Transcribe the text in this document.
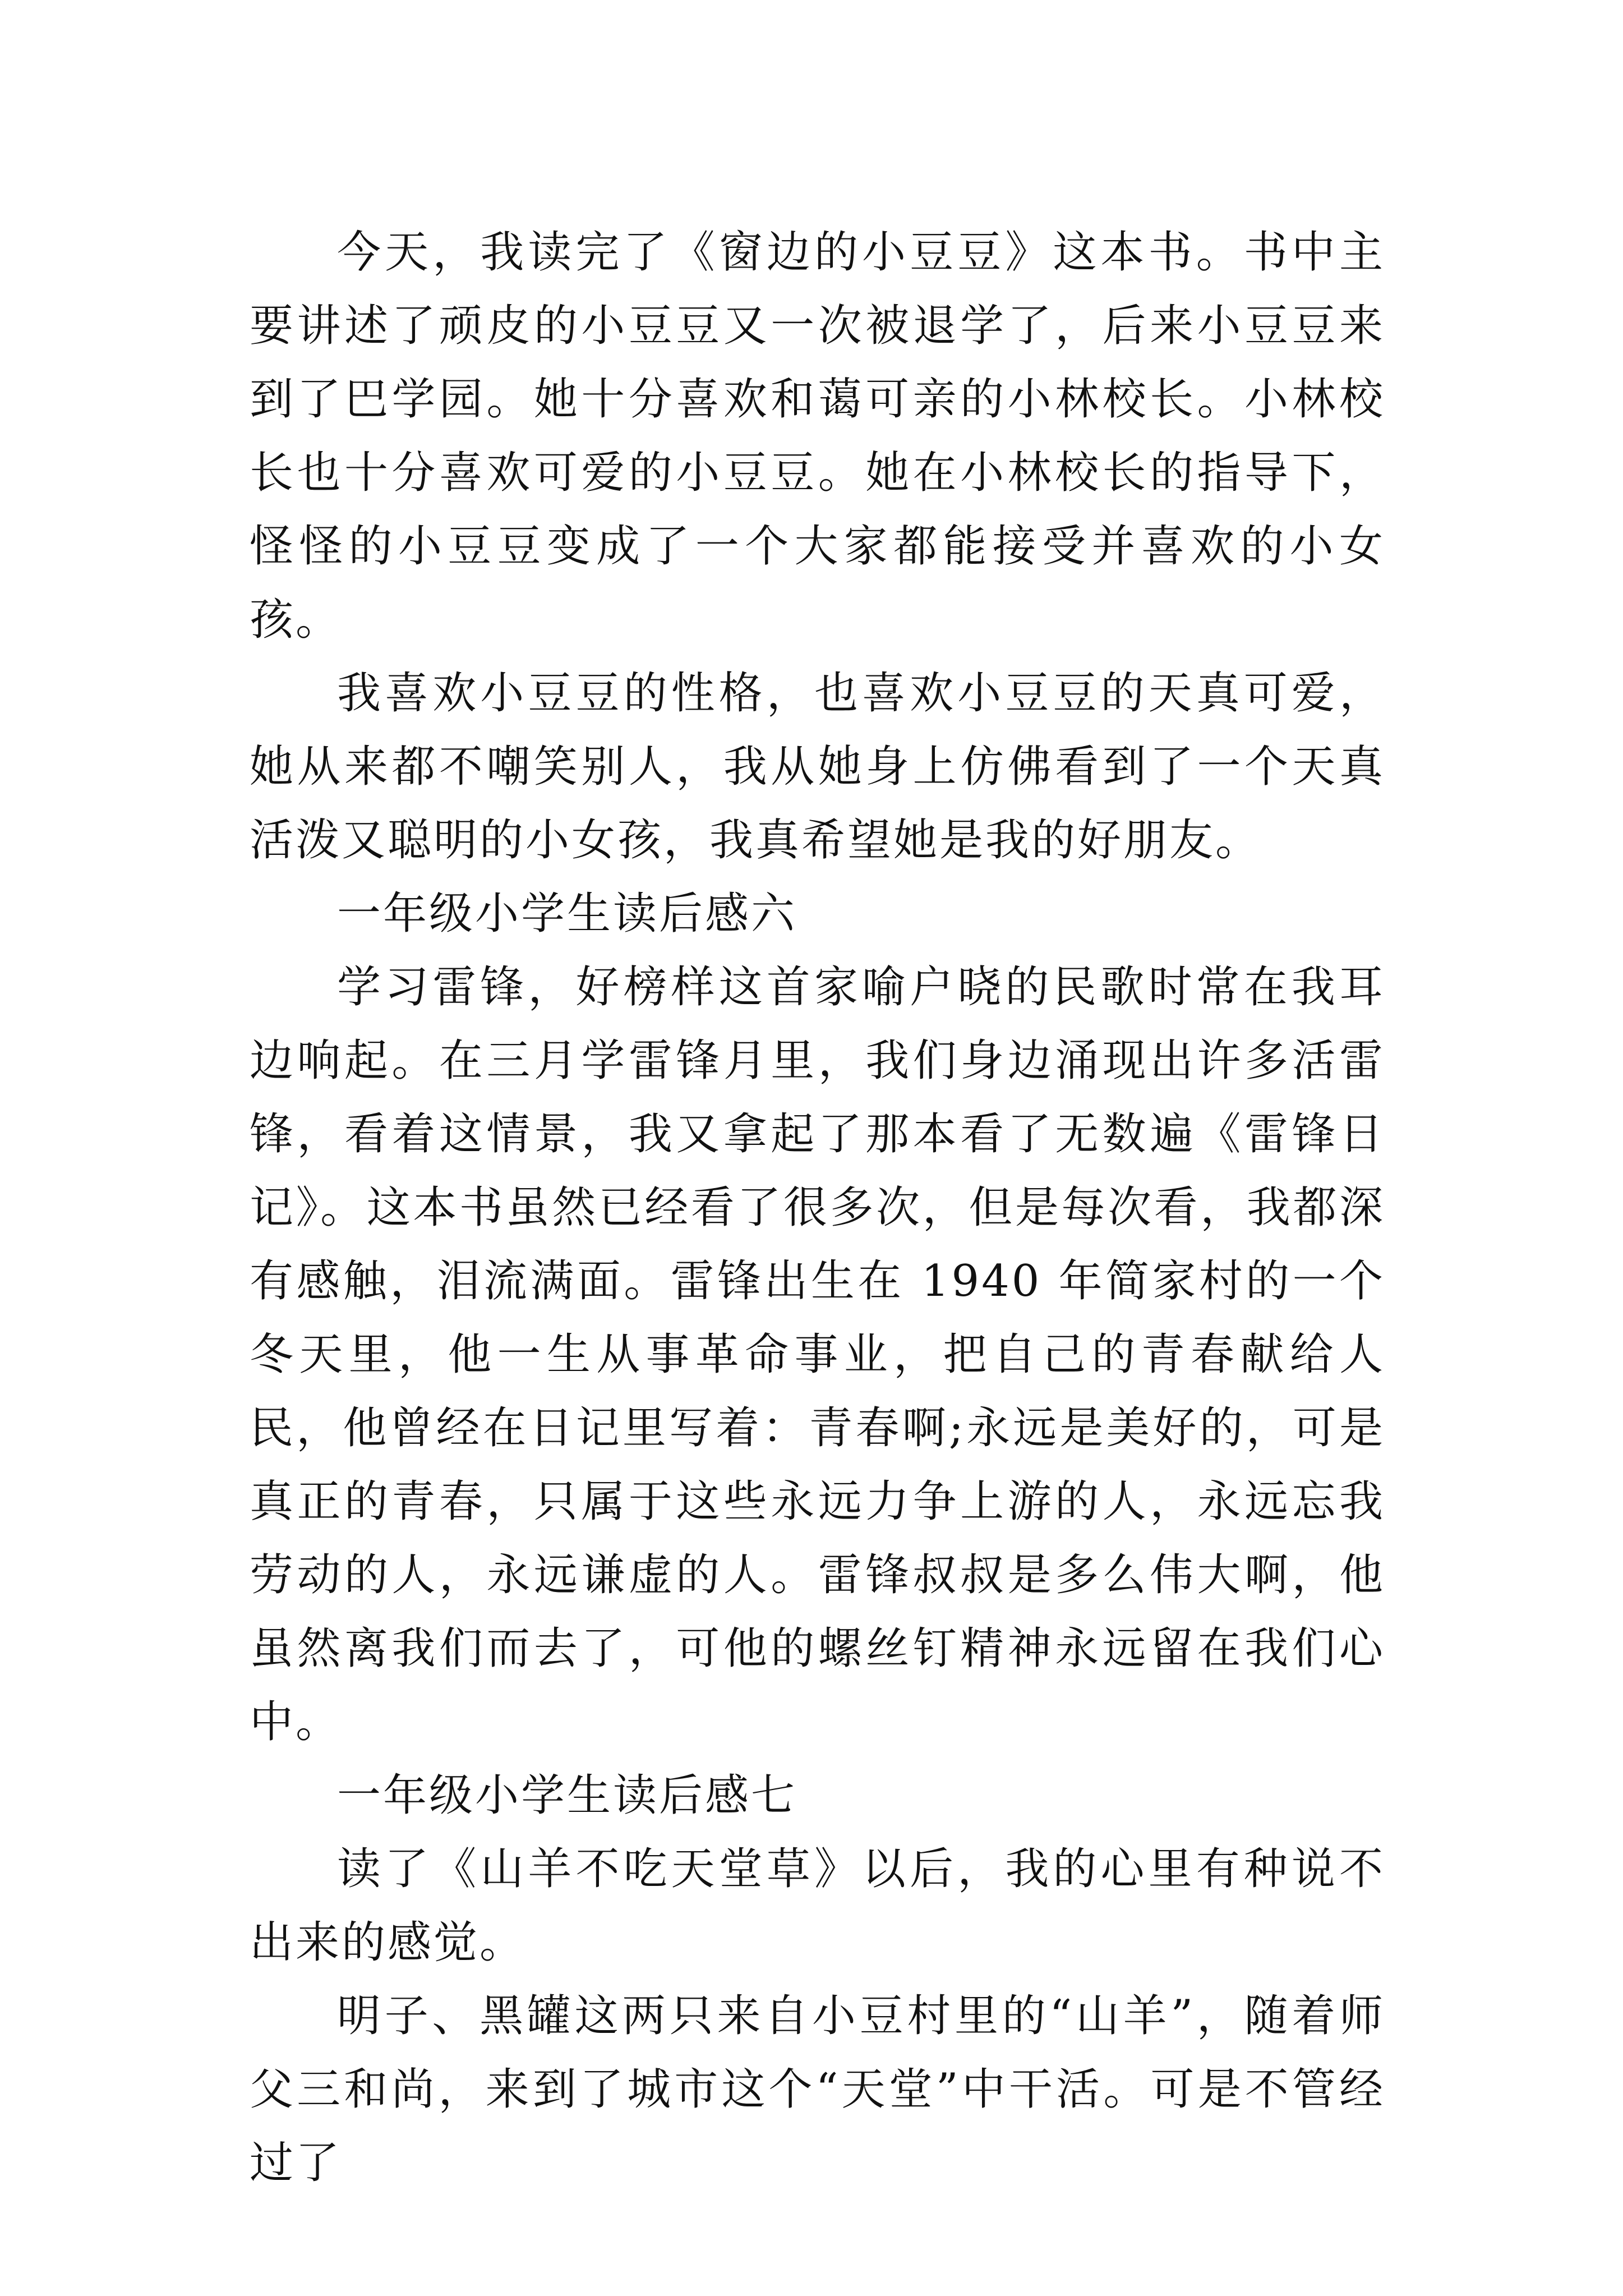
今天，我读完了《窗边的小豆豆》这本书。书中主要讲述了顽皮的小豆豆又一次被退学了，后来小豆豆来到了巴学园。她十分喜欢和蔼可亲的小林校长。小林校长也十分喜欢可爱的小豆豆。她在小林校长的指导下，怪怪的小豆豆变成了一个大家都能接受并喜欢的小女孩。

我喜欢小豆豆的性格，也喜欢小豆豆的天真可爱，她从来都不嘲笑别人，我从她身上仿佛看到了一个天真活泼又聪明的小女孩，我真希望她是我的好朋友。

一年级小学生读后感六

学习雷锋，好榜样这首家喻户晓的民歌时常在我耳边响起。在三月学雷锋月里，我们身边涌现出许多活雷锋，看着这情景，我又拿起了那本看了无数遍《雷锋日记》。这本书虽然已经看了很多次，但是每次看，我都深有感触，泪流满面。雷锋出生在 1940 年简家村的一个冬天里，他一生从事革命事业，把自己的青春献给人民，他曾经在日记里写着：青春啊;永远是美好的，可是真正的青春，只属于这些永远力争上游的人，永远忘我劳动的人，永远谦虚的人。雷锋叔叔是多么伟大啊，他虽然离我们而去了，可他的螺丝钉精神永远留在我们心中。

一年级小学生读后感七

读了《山羊不吃天堂草》以后，我的心里有种说不出来的感觉。

明子、黑罐这两只来自小豆村里的“山羊”，随着师父三和尚，来到了城市这个“天堂”中干活。可是不管经过了
